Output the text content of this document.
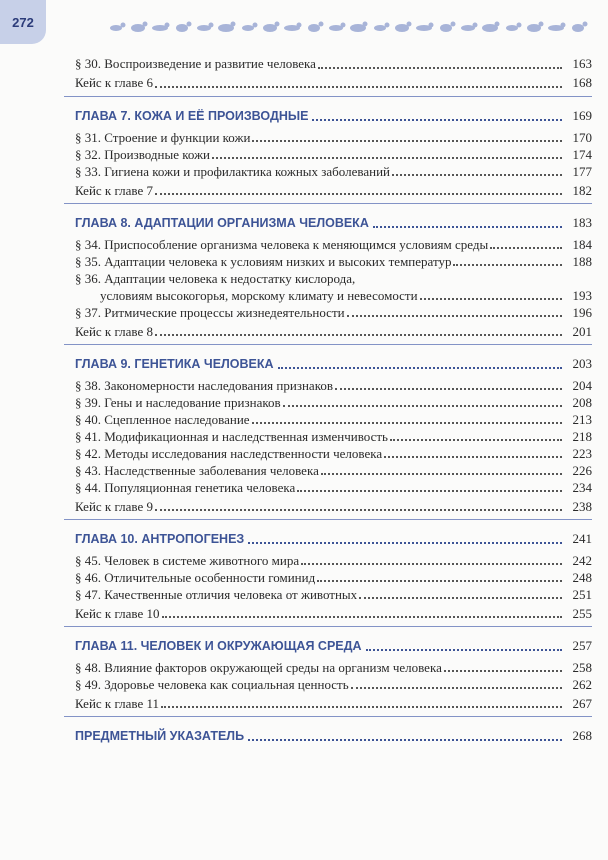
272
§ 30. Воспроизведение и развитие человека	163
Кейс к главе 6	168
ГЛАВА 7. КОЖА И ЕЁ ПРОИЗВОДНЫЕ	169
§ 31. Строение и функции кожи	170
§ 32. Производные кожи	174
§ 33. Гигиена кожи и профилактика кожных заболеваний	177
Кейс к главе 7	182
ГЛАВА 8. АДАПТАЦИИ ОРГАНИЗМА ЧЕЛОВЕКА	183
§ 34. Приспособление организма человека к меняющимся условиям среды	184
§ 35. Адаптации человека к условиям низких и высоких температур	188
§ 36. Адаптации человека к недостатку кислорода,
условиям высокогорья, морскому климату и невесомости	193
§ 37. Ритмические процессы жизнедеятельности	196
Кейс к главе 8	201
ГЛАВА 9. ГЕНЕТИКА ЧЕЛОВЕКА	203
§ 38. Закономерности наследования признаков	204
§ 39. Гены и наследование признаков	208
§ 40. Сцепленное наследование	213
§ 41. Модификационная и наследственная изменчивость	218
§ 42. Методы исследования наследственности человека	223
§ 43. Наследственные заболевания человека	226
§ 44. Популяционная генетика человека	234
Кейс к главе 9	238
ГЛАВА 10. АНТРОПОГЕНЕЗ	241
§ 45. Человек в системе животного мира	242
§ 46. Отличительные особенности гоминид	248
§ 47. Качественные отличия человека от животных	251
Кейс к главе 10	255
ГЛАВА 11. ЧЕЛОВЕК И ОКРУЖАЮЩАЯ СРЕДА	257
§ 48. Влияние факторов окружающей среды на организм человека	258
§ 49. Здоровье человека как социальная ценность	262
Кейс к главе 11	267
ПРЕДМЕТНЫЙ УКАЗАТЕЛЬ	268
